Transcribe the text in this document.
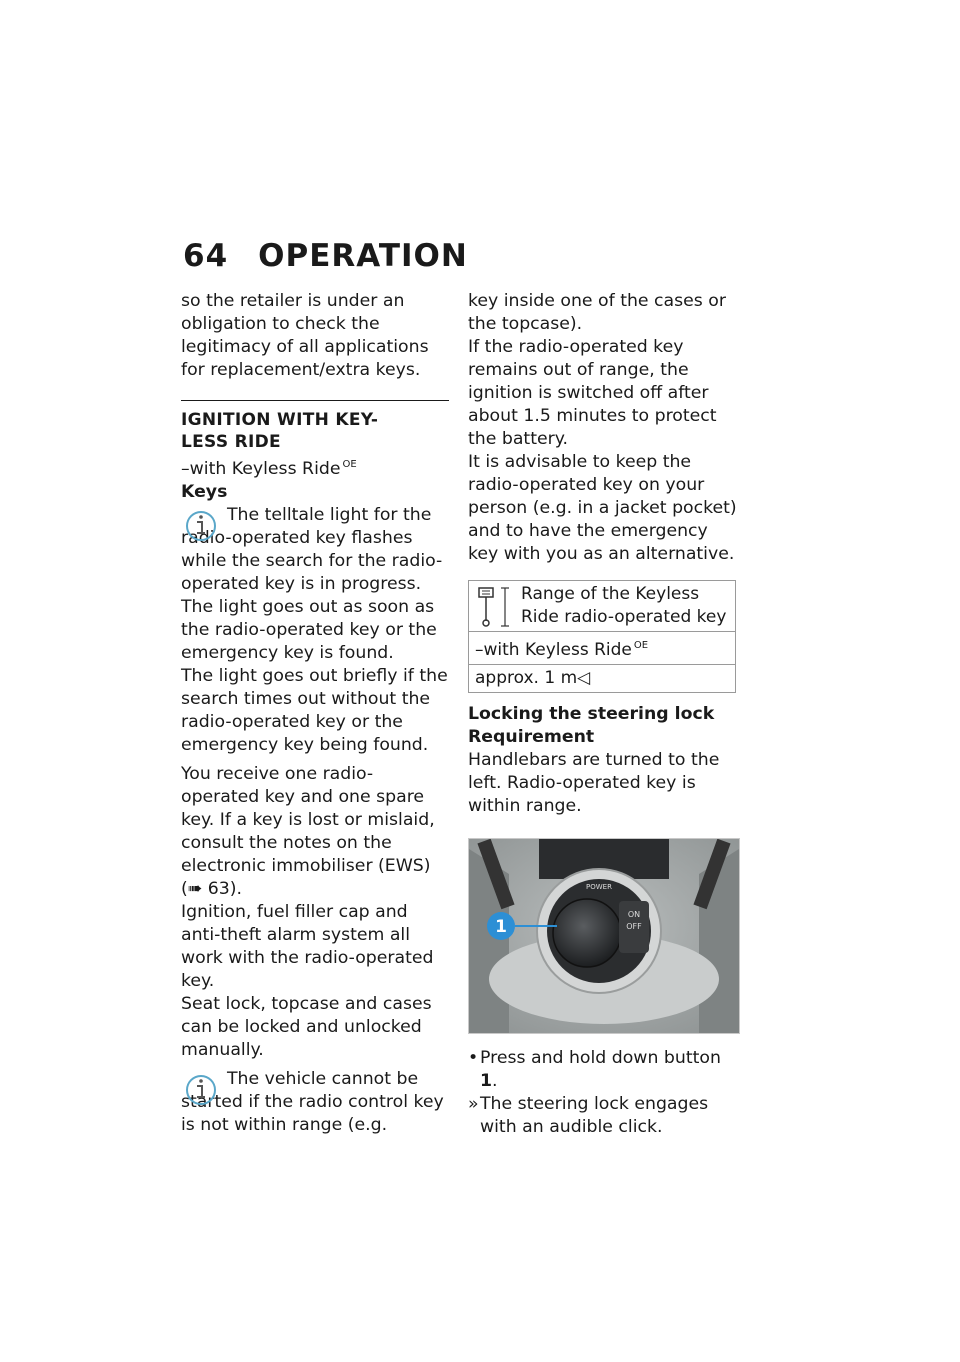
64 OPERATION

so the retailer is under an obligation to check the legitimacy of all applications for replacement/extra keys.

IGNITION WITH KEY-
LESS RIDE

–with Keyless Ride $^{OE}$

Keys

The telltale light for the radio-operated key flashes while the search for the radio-operated key is in progress.

The light goes out as soon as the radio-operated key or the emergency key is found.

The light goes out briefly if the search times out without the radio-operated key or the emergency key being found.

You receive one radio-operated key and one spare key. If a key is lost or mislaid, consult the notes on the electronic immobiliser (EWS) (➠ 63).

Ignition, fuel filler cap and anti-theft alarm system all work with the radio-operated key.

Seat lock, topcase and cases can be locked and unlocked manually.

The vehicle cannot be started if the radio control key is not within range (e.g.

key inside one of the cases or the topcase).

If the radio-operated key remains out of range, the ignition is switched off after about 1.5 minutes to protect the battery.

It is advisable to keep the radio-operated key on your person (e.g. in a jacket pocket) and to have the emergency key with you as an alternative.

Range of the Keyless Ride radio-operated key

–with Keyless Ride $^{OE}$
approx. 1 m◁

Locking the steering lock

Requirement

Handlebars are turned to the left. Radio-operated key is within range.

ON
OFF
POWER
1

• Press and hold down button 1.

» The steering lock engages with an audible click.
